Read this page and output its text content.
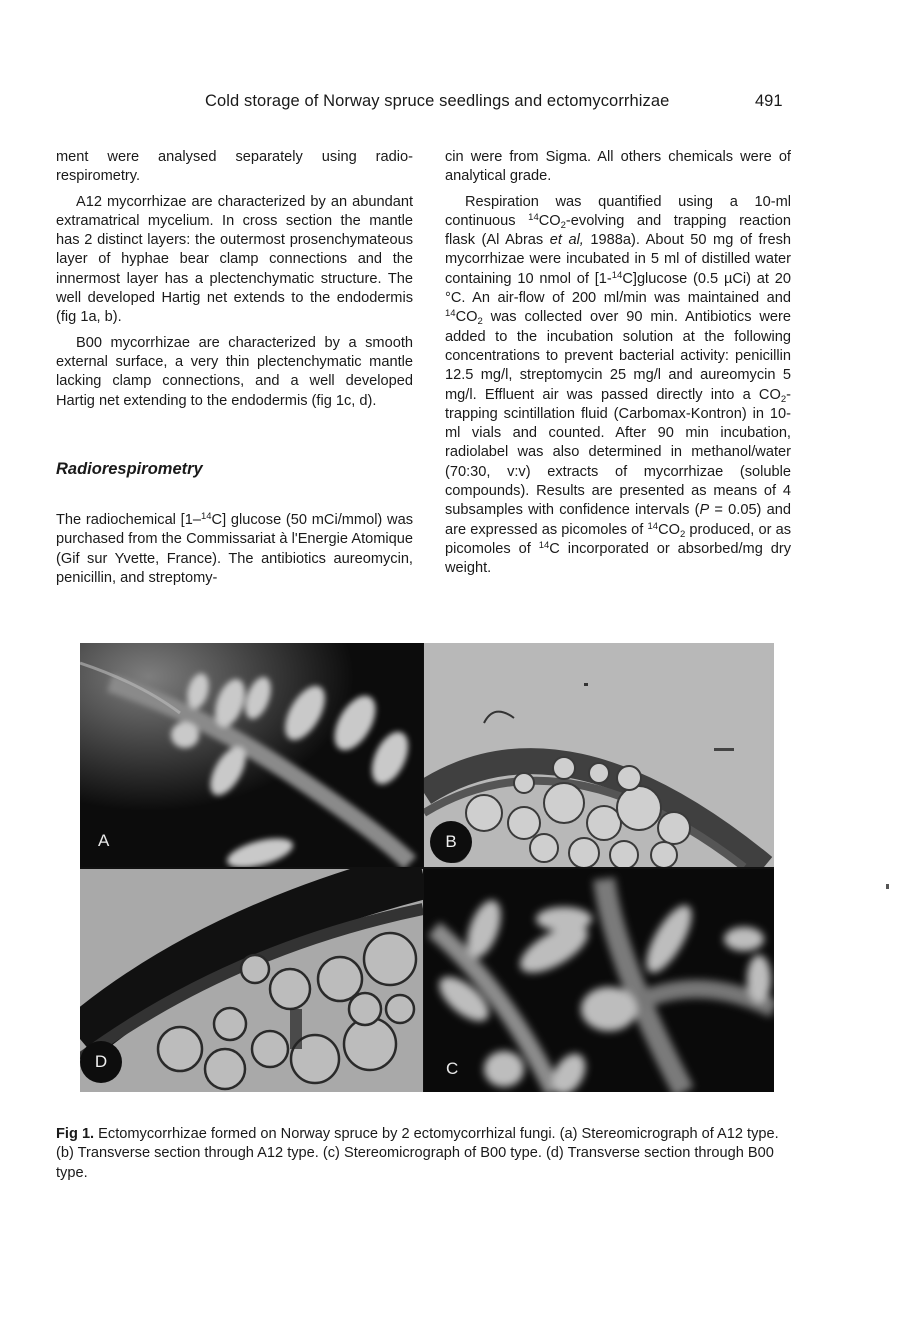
Cold storage of Norway spruce seedlings and ectomycorrhizae	491

ment were analysed separately using radio-respirometry.

A12 mycorrhizae are characterized by an abundant extramatrical mycelium. In cross section the mantle has 2 distinct layers: the outermost prosenchymateous layer of hyphae bear clamp connections and the innermost layer has a plectenchymatic structure. The well developed Hartig net extends to the endodermis (fig 1a, b).

B00 mycorrhizae are characterized by a smooth external surface, a very thin plectenchymatic mantle lacking clamp connections, and a well developed Hartig net extending to the endodermis (fig 1c, d).

Radiorespirometry

The radiochemical [1–$^{14}$C] glucose (50 mCi/mmol) was purchased from the Commissariat à l'Energie Atomique (Gif sur Yvette, France). The antibiotics aureomycin, penicillin, and streptomy-

cin were from Sigma. All others chemicals were of analytical grade.

Respiration was quantified using a 10-ml continuous $^{14}CO_2$-evolving and trapping reaction flask (Al Abras et al, 1988a). About 50 mg of fresh mycorrhizae were incubated in 5 ml of distilled water containing 10 nmol of [1-$^{14}$C]glucose (0.5 µCi) at 20 °C. An air-flow of 200 ml/min was maintained and $^{14}CO_2$ was collected over 90 min. Antibiotics were added to the incubation solution at the following concentrations to prevent bacterial activity: penicillin 12.5 mg/l, streptomycin 25 mg/l and aureomycin 5 mg/l. Effluent air was passed directly into a $CO_2$-trapping scintillation fluid (Carbomax-Kontron) in 10-ml vials and counted. After 90 min incubation, radiolabel was also determined in methanol/water (70:30, v:v) extracts of mycorrhizae (soluble compounds). Results are presented as means of 4 subsamples with confidence intervals (P = 0.05) and are expressed as picomoles of $^{14}CO_2$ produced, or as picomoles of $^{14}$C incorporated or absorbed/mg dry weight.

A	B
D	C
Fig 1. Ectomycorrhizae formed on Norway spruce by 2 ectomycorrhizal fungi. (a) Stereomicrograph of A12 type. (b) Transverse section through A12 type. (c) Stereomicrograph of B00 type. (d) Transverse section through B00 type.
